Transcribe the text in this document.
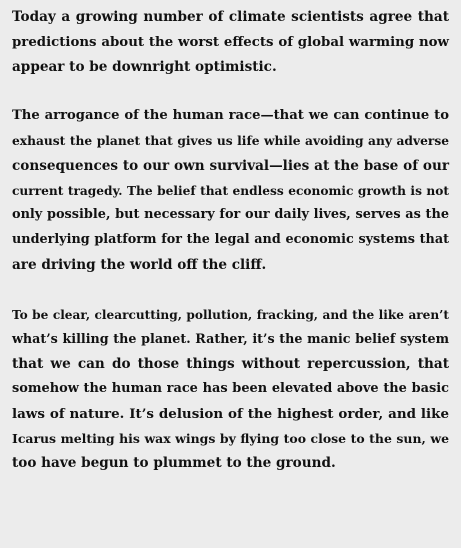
Today a growing number of climate scientists agree that
predictions about the worst effects of global warming now
appear to be downright optimistic.
The arrogance of the human race—that we can continue to
exhaust the planet that gives us life while avoiding any adverse
consequences to our own survival—lies at the base of our
current tragedy. The belief that endless economic growth is not
only possible, but necessary for our daily lives, serves as the
underlying platform for the legal and economic systems that
are driving the world off the cliff.
To be clear, clearcutting, pollution, fracking, and the like aren’t
what’s killing the planet. Rather, it’s the manic belief system
that we can do those things without repercussion, that
somehow the human race has been elevated above the basic
laws of nature. It’s delusion of the highest order, and like
Icarus melting his wax wings by flying too close to the sun, we
too have begun to plummet to the ground.
